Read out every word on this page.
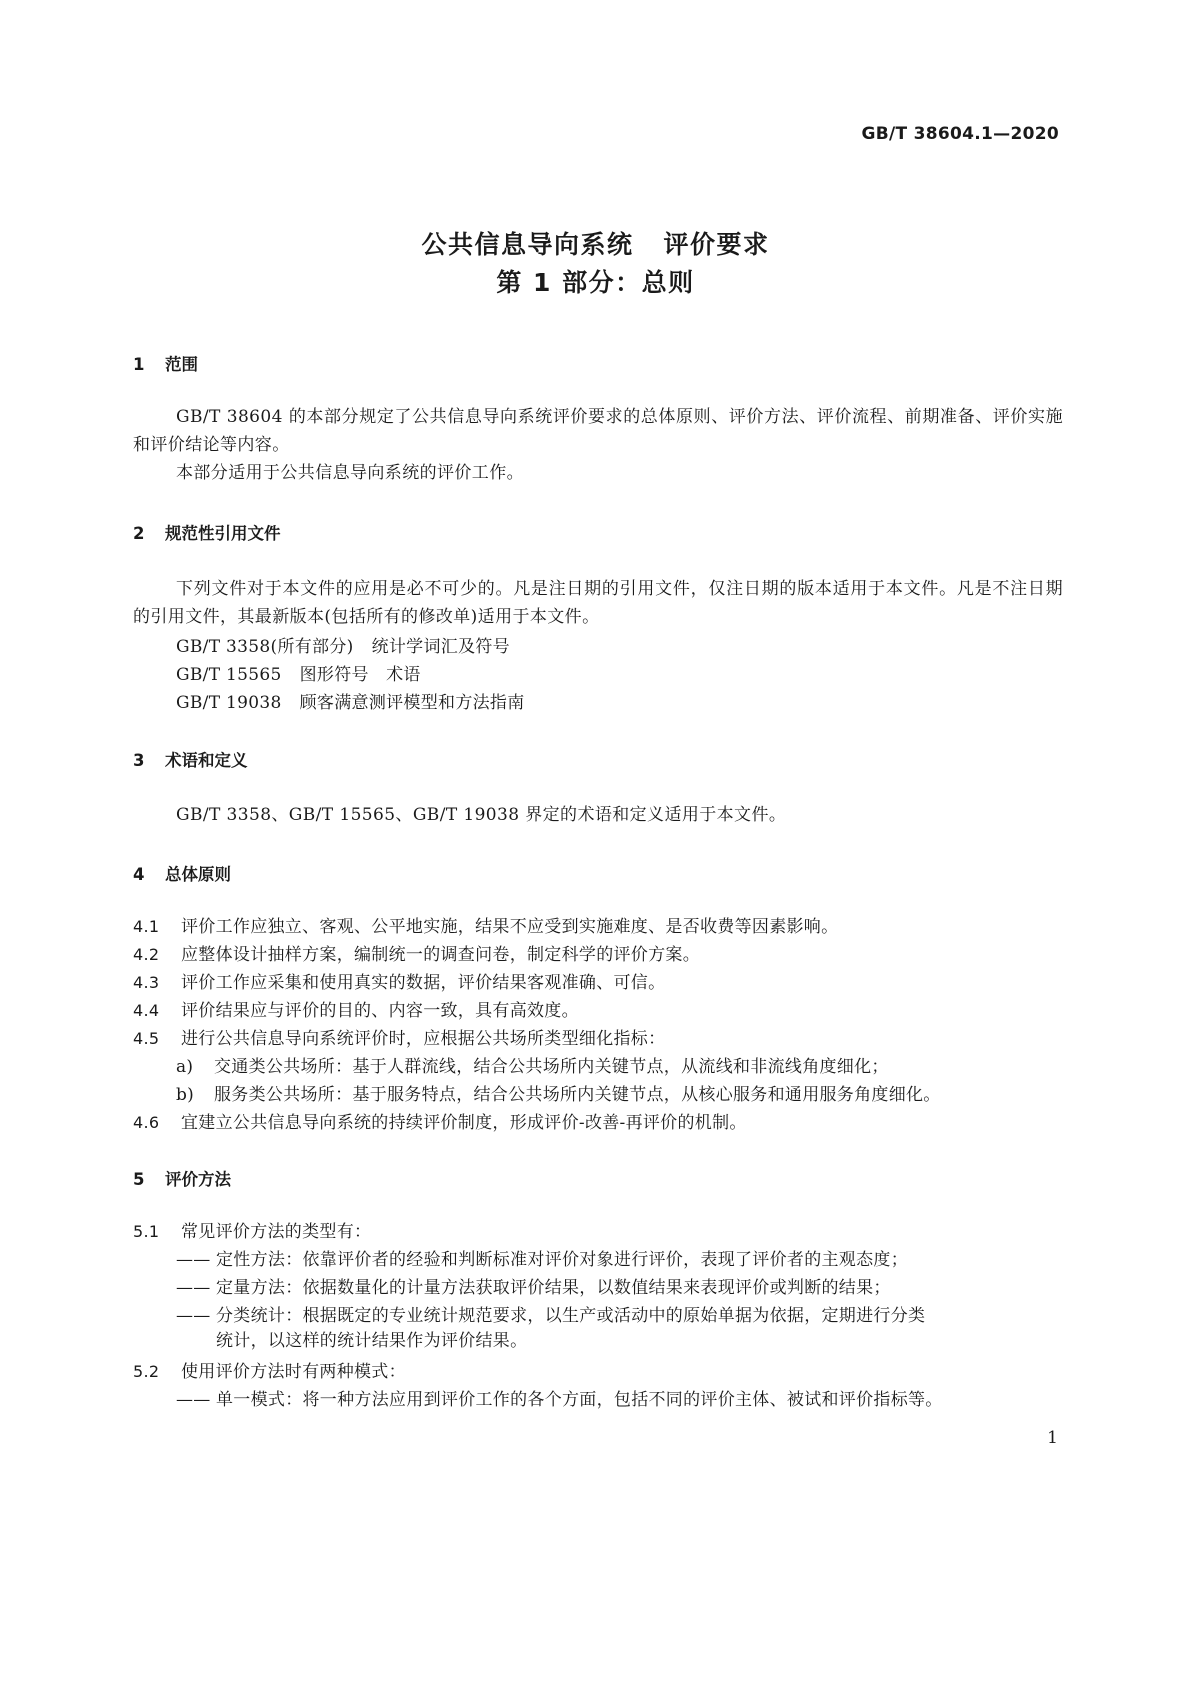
GB/T 38604.1—2020
公共信息导向系统 评价要求
第 1 部分：总则
1 范围
GB/T 38604 的本部分规定了公共信息导向系统评价要求的总体原则、评价方法、评价流程、前期准备、评价实施和评价结论等内容。
本部分适用于公共信息导向系统的评价工作。
2 规范性引用文件
下列文件对于本文件的应用是必不可少的。凡是注日期的引用文件，仅注日期的版本适用于本文件。凡是不注日期的引用文件，其最新版本(包括所有的修改单)适用于本文件。
GB/T 3358(所有部分) 统计学词汇及符号
GB/T 15565 图形符号　术语
GB/T 19038 顾客满意测评模型和方法指南
3 术语和定义
GB/T 3358、GB/T 15565、GB/T 19038 界定的术语和定义适用于本文件。
4 总体原则
4.1 评价工作应独立、客观、公平地实施，结果不应受到实施难度、是否收费等因素影响。
4.2 应整体设计抽样方案，编制统一的调查问卷，制定科学的评价方案。
4.3 评价工作应采集和使用真实的数据，评价结果客观准确、可信。
4.4 评价结果应与评价的目的、内容一致，具有高效度。
4.5 进行公共信息导向系统评价时，应根据公共场所类型细化指标：
a) 交通类公共场所：基于人群流线，结合公共场所内关键节点，从流线和非流线角度细化；
b) 服务类公共场所：基于服务特点，结合公共场所内关键节点，从核心服务和通用服务角度细化。
4.6 宜建立公共信息导向系统的持续评价制度，形成评价-改善-再评价的机制。
5 评价方法
5.1 常见评价方法的类型有：
—— 定性方法：依靠评价者的经验和判断标准对评价对象进行评价，表现了评价者的主观态度；
—— 定量方法：依据数量化的计量方法获取评价结果，以数值结果来表现评价或判断的结果；
—— 分类统计：根据既定的专业统计规范要求，以生产或活动中的原始单据为依据，定期进行分类
统计，以这样的统计结果作为评价结果。
5.2 使用评价方法时有两种模式：
—— 单一模式：将一种方法应用到评价工作的各个方面，包括不同的评价主体、被试和评价指标等。
1
